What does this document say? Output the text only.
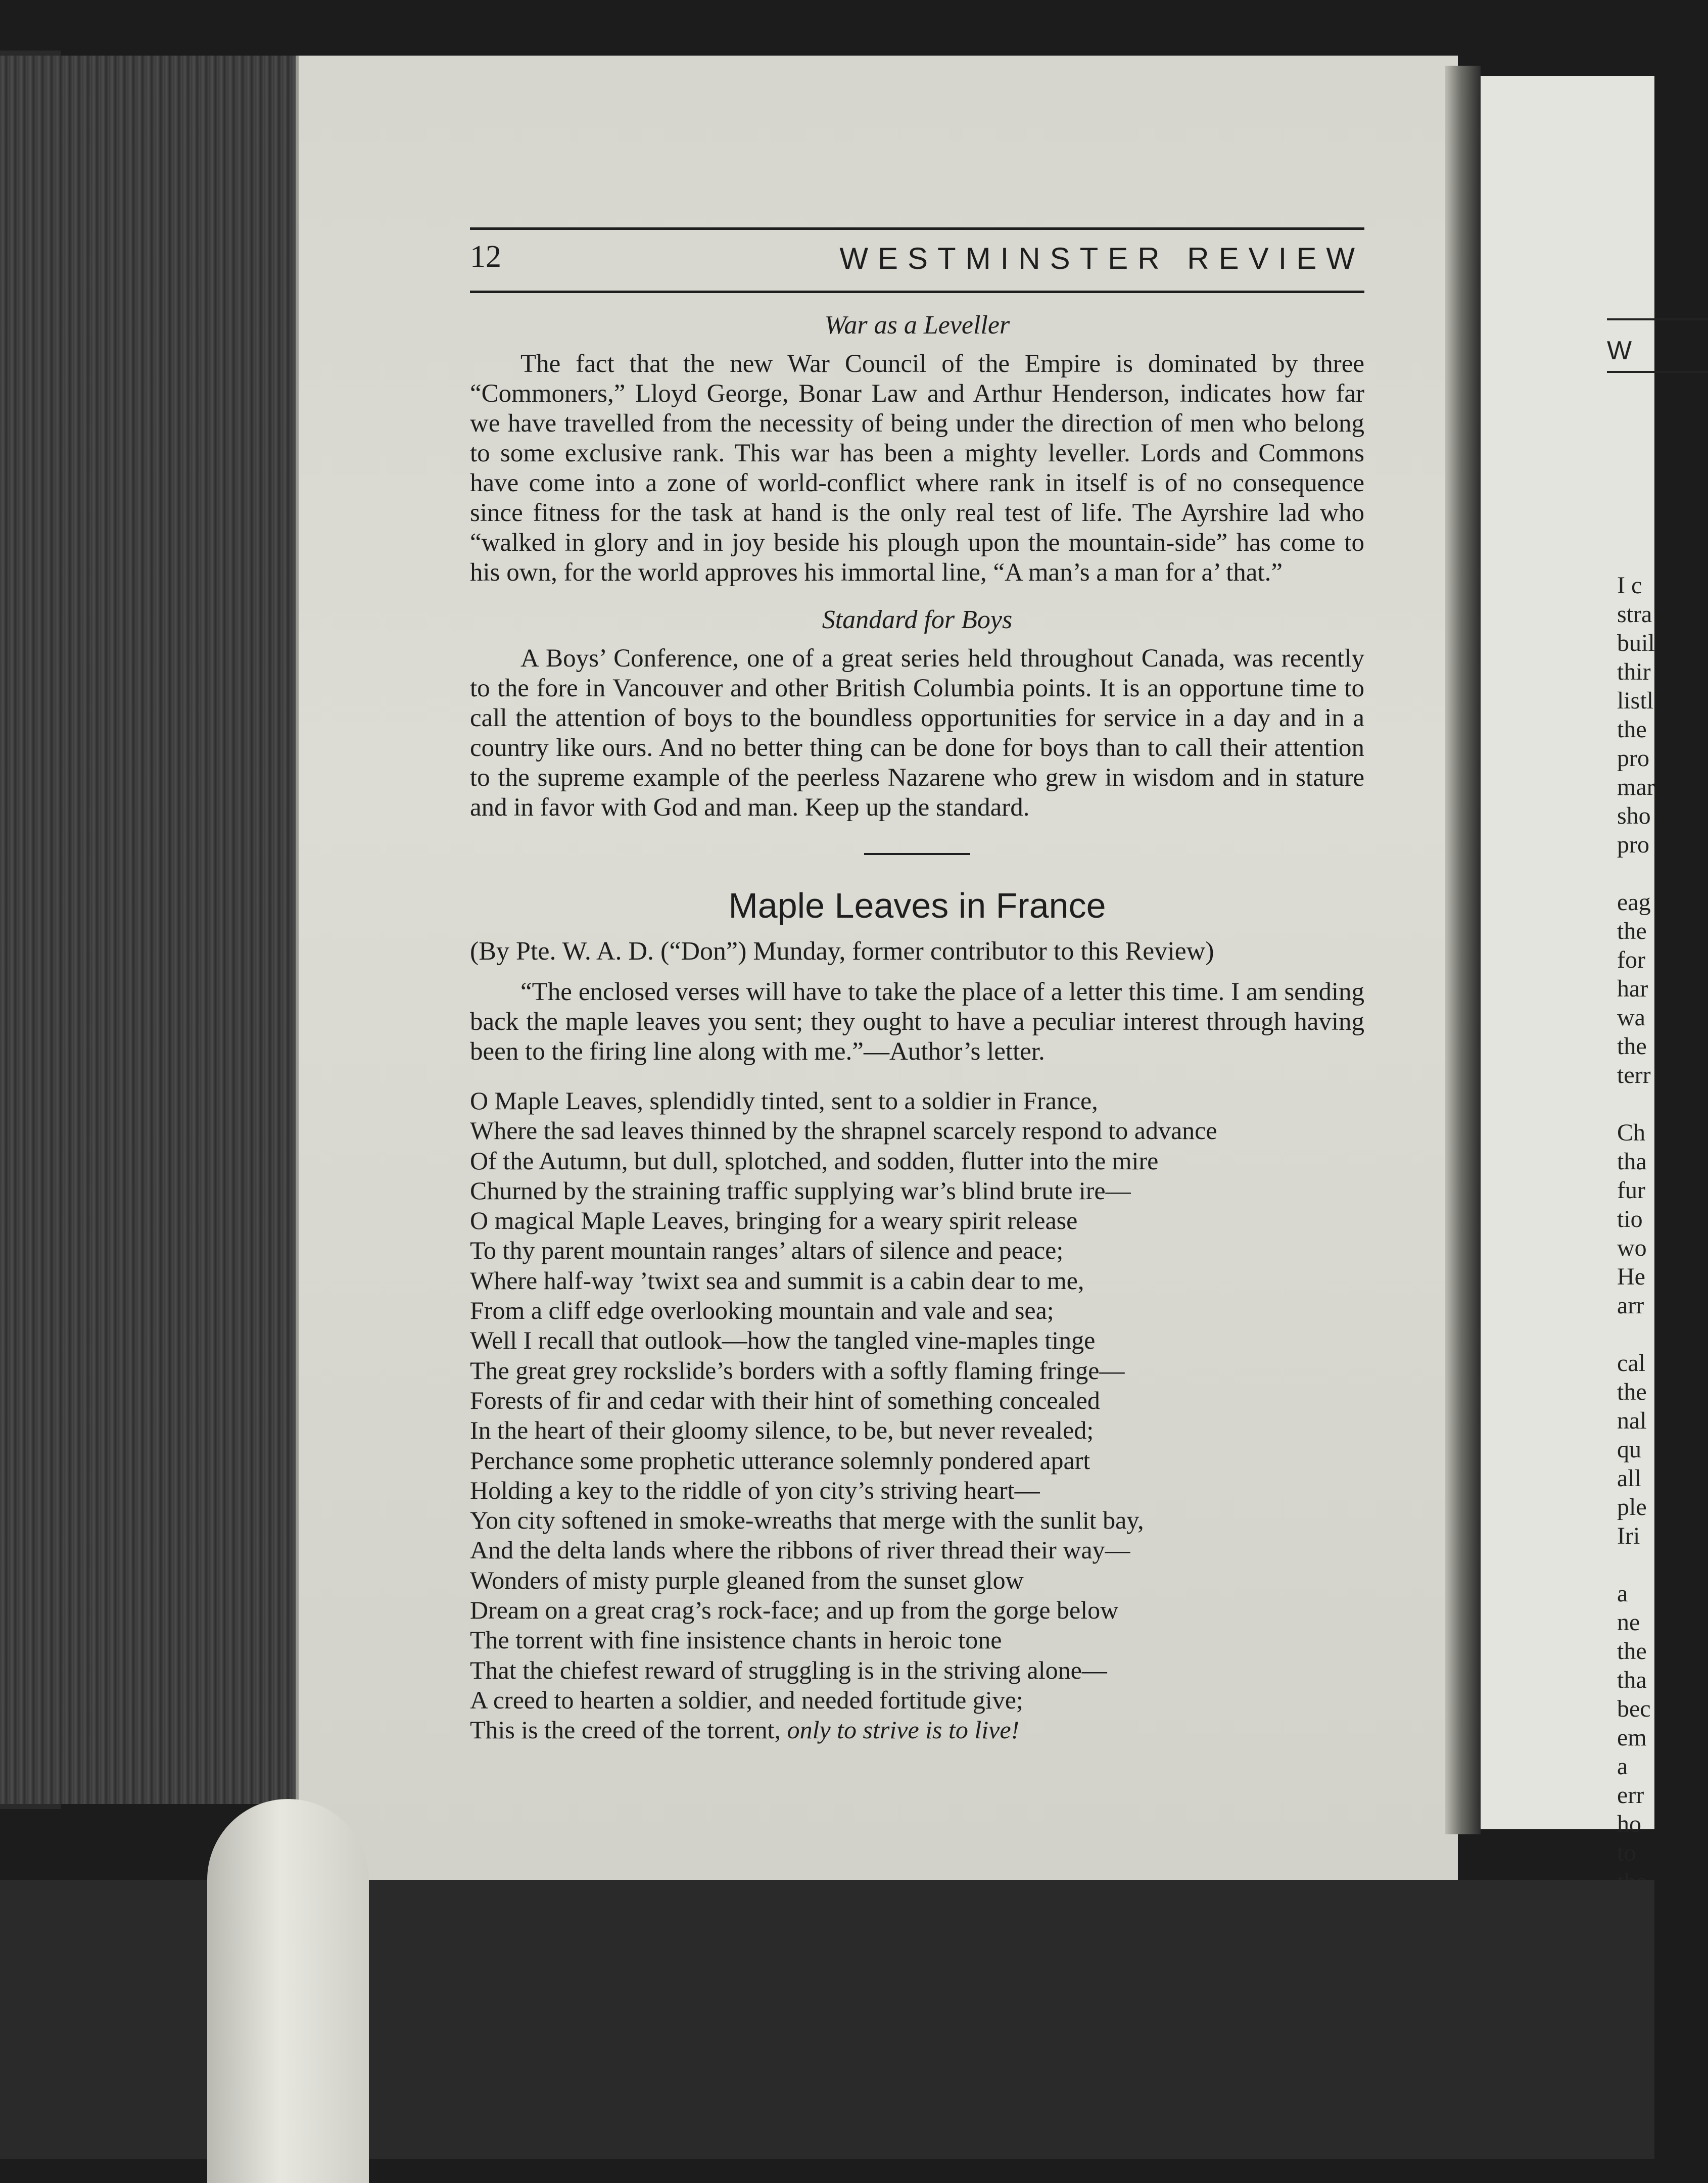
W
I c
stra
buil
thir
listl
the
pro
mar
sho
pro
eag
the
for
har
wa
the
terr
Ch
tha
fur
tio
wo
He
arr
cal
the
nal
qu
all
ple
Iri
a
ne
the
tha
bec
em
a
err
ho
to
12	WESTMINSTER REVIEW
War as a Leveller

The fact that the new War Council of the Empire is dominated by three “Commoners,” Lloyd George, Bonar Law and Arthur Henderson, indicates how far we have travelled from the necessity of being under the direction of men who belong to some exclusive rank. This war has been a mighty leveller. Lords and Commons have come into a zone of world-conflict where rank in itself is of no consequence since fitness for the task at hand is the only real test of life. The Ayrshire lad who “walked in glory and in joy beside his plough upon the mountain-side” has come to his own, for the world approves his immortal line, “A man’s a man for a’ that.”

Standard for Boys

A Boys’ Conference, one of a great series held throughout Canada, was recently to the fore in Vancouver and other British Columbia points. It is an opportune time to call the attention of boys to the boundless opportunities for service in a day and in a country like ours. And no better thing can be done for boys than to call their attention to the supreme example of the peerless Nazarene who grew in wisdom and in stature and in favor with God and man. Keep up the standard.

Maple Leaves in France

(By Pte. W. A. D. (“Don”) Munday, former contributor to this Review)

“The enclosed verses will have to take the place of a letter this time. I am sending back the maple leaves you sent; they ought to have a peculiar interest through having been to the firing line along with me.”—Author’s letter.

O Maple Leaves, splendidly tinted, sent to a soldier in France,
Where the sad leaves thinned by the shrapnel scarcely respond to advance
Of the Autumn, but dull, splotched, and sodden, flutter into the mire
Churned by the straining traffic supplying war’s blind brute ire—
O magical Maple Leaves, bringing for a weary spirit release
To thy parent mountain ranges’ altars of silence and peace;
Where half-way ’twixt sea and summit is a cabin dear to me,
From a cliff edge overlooking mountain and vale and sea;
Well I recall that outlook—how the tangled vine-maples tinge
The great grey rockslide’s borders with a softly flaming fringe—
Forests of fir and cedar with their hint of something concealed
In the heart of their gloomy silence, to be, but never revealed;
Perchance some prophetic utterance solemnly pondered apart
Holding a key to the riddle of yon city’s striving heart—
Yon city softened in smoke-wreaths that merge with the sunlit bay,
And the delta lands where the ribbons of river thread their way—
Wonders of misty purple gleaned from the sunset glow
Dream on a great crag’s rock-face; and up from the gorge below
The torrent with fine insistence chants in heroic tone
That the chiefest reward of struggling is in the striving alone—
A creed to hearten a soldier, and needed fortitude give;
This is the creed of the torrent, only to strive is to live!
